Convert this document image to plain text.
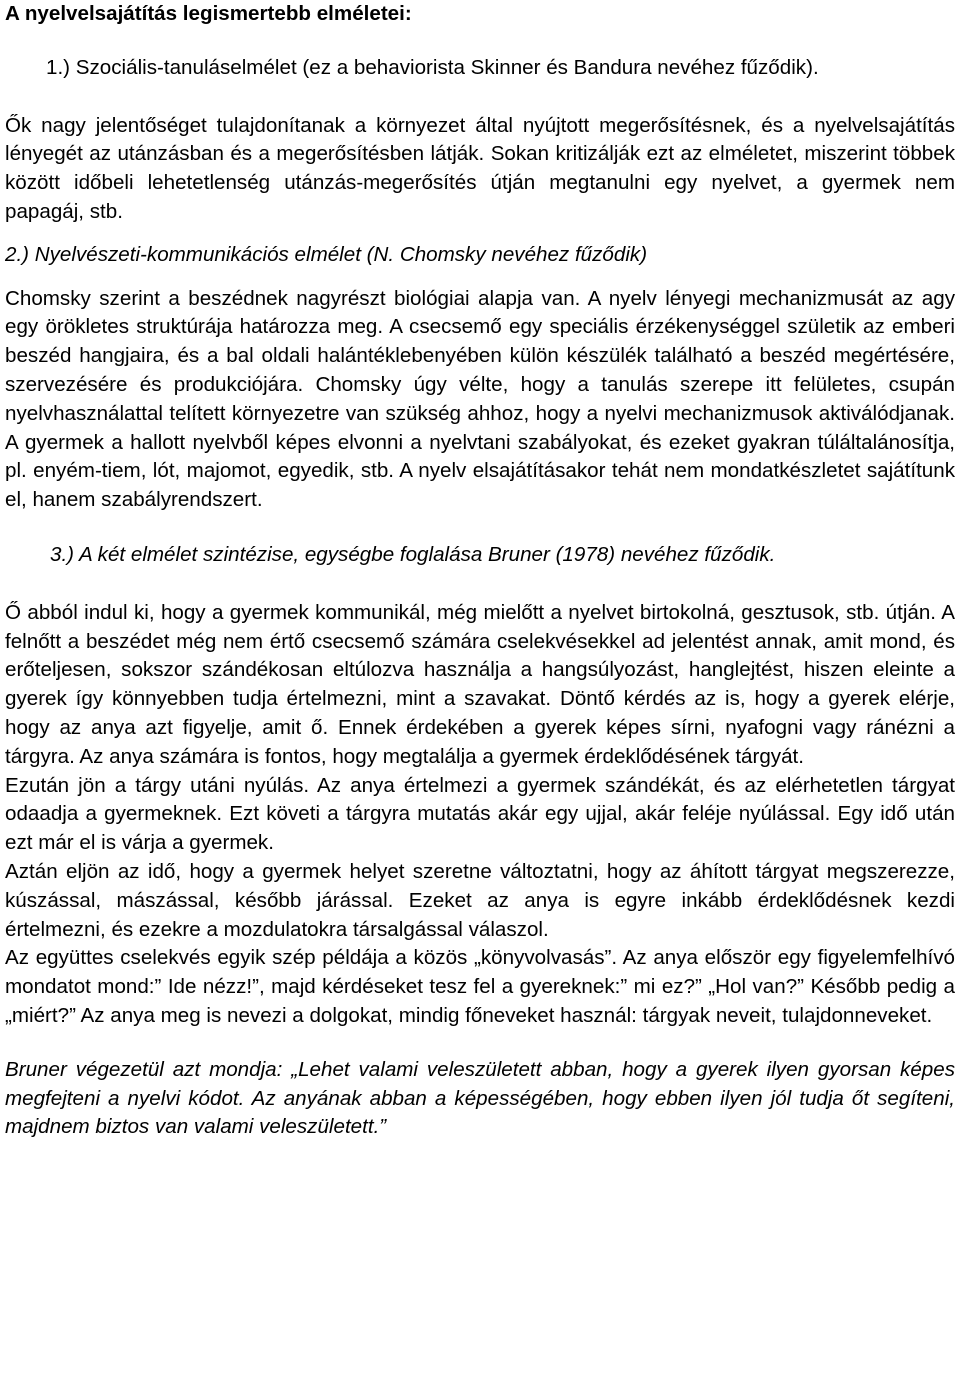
A nyelvelsajátítás legismertebb elméletei:

1.) Szociális-tanuláselmélet (ez a behaviorista Skinner és Bandura nevéhez fűződik).

Ők nagy jelentőséget tulajdonítanak a környezet által nyújtott megerősítésnek, és a nyelvelsajátítás lényegét az utánzásban és a megerősítésben látják. Sokan kritizálják ezt az elméletet, miszerint többek között időbeli lehetetlenség utánzás-megerősítés útján megtanulni egy nyelvet, a gyermek nem papagáj, stb.

2.) Nyelvészeti-kommunikációs elmélet (N. Chomsky nevéhez fűződik)

Chomsky szerint a beszédnek nagyrészt biológiai alapja van. A nyelv lényegi mechanizmusát az agy egy örökletes struktúrája határozza meg. A csecsemő egy speciális érzékenységgel születik az emberi beszéd hangjaira, és a bal oldali halántéklebenyében külön készülék található a beszéd megértésére, szervezésére és produkciójára. Chomsky úgy vélte, hogy a tanulás szerepe itt felületes, csupán nyelvhasználattal telített környezetre van szükség ahhoz, hogy a nyelvi mechanizmusok aktiválódjanak. A gyermek a hallott nyelvből képes elvonni a nyelvtani szabályokat, és ezeket gyakran túláltalánosítja, pl. enyém-tiem, lót, majomot, egyedik, stb. A nyelv elsajátításakor tehát nem mondatkészletet sajátítunk el, hanem szabályrendszert.

3.) A két elmélet szintézise, egységbe foglalása Bruner (1978) nevéhez fűződik.

Ő abból indul ki, hogy a gyermek kommunikál, még mielőtt a nyelvet birtokolná, gesztusok, stb. útján. A felnőtt a beszédet még nem értő csecsemő számára cselekvésekkel ad jelentést annak, amit mond, és erőteljesen, sokszor szándékosan eltúlozva használja a hangsúlyozást, hanglejtést, hiszen eleinte a gyerek így könnyebben tudja értelmezni, mint a szavakat. Döntő kérdés az is, hogy a gyerek elérje, hogy az anya azt figyelje, amit ő. Ennek érdekében a gyerek képes sírni, nyafogni vagy ránézni a tárgyra. Az anya számára is fontos, hogy megtalálja a gyermek érdeklődésének tárgyát.

Ezután jön a tárgy utáni nyúlás. Az anya értelmezi a gyermek szándékát, és az elérhetetlen tárgyat odaadja a gyermeknek. Ezt követi a tárgyra mutatás akár egy ujjal, akár feléje nyúlással. Egy idő után ezt már el is várja a gyermek.

Aztán eljön az idő, hogy a gyermek helyet szeretne változtatni, hogy az áhított tárgyat megszerezze, kúszással, mászással, később járással. Ezeket az anya is egyre inkább érdeklődésnek kezdi értelmezni, és ezekre a mozdulatokra társalgással válaszol.

Az együttes cselekvés egyik szép példája a közös „könyvolvasás”. Az anya először egy figyelemfelhívó mondatot mond:” Ide nézz!”, majd kérdéseket tesz fel a gyereknek:” mi ez?” „Hol van?” Később pedig a „miért?” Az anya meg is nevezi a dolgokat, mindig főneveket használ: tárgyak neveit, tulajdonneveket.

Bruner végezetül azt mondja: „Lehet valami veleszületett abban, hogy a gyerek ilyen gyorsan képes megfejteni a nyelvi kódot. Az anyának abban a képességében, hogy ebben ilyen jól tudja őt segíteni, majdnem biztos van valami veleszületett.”
